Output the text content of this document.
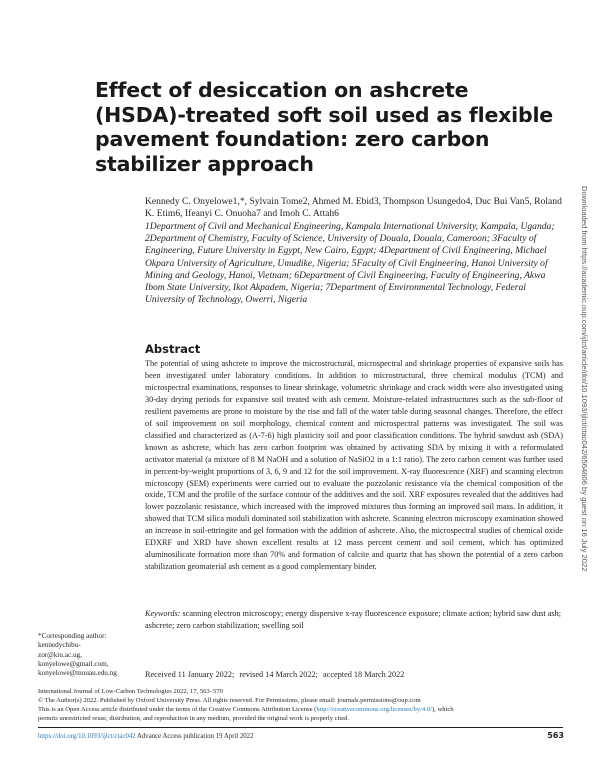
Effect of desiccation on ashcrete (HSDA)-treated soft soil used as flexible pavement foundation: zero carbon stabilizer approach
Kennedy C. Onyelowe1,*, Sylvain Tome2, Ahmed M. Ebid3, Thompson Usungedo4, Duc Bui Van5, Roland K. Etim6, Ifeanyi C. Onuoha7 and Imoh C. Attah6
1Department of Civil and Mechanical Engineering, Kampala International University, Kampala, Uganda; 2Department of Chemistry, Faculty of Science, University of Douala, Douala, Cameroon; 3Faculty of Engineering, Future University in Egypt, New Cairo, Egypt; 4Department of Civil Engineering, Michael Okpara University of Agriculture, Umudike, Nigeria; 5Faculty of Civil Engineering, Hanoi University of Mining and Geology, Hanoi, Vietnam; 6Department of Civil Engineering, Faculty of Engineering, Akwa Ibom State University, Ikot Akpadem, Nigeria; 7Department of Environmental Technology, Federal University of Technology, Owerri, Nigeria
Abstract
The potential of using ashcrete to improve the microstructural, microspectral and shrinkage properties of expansive soils has been investigated under laboratory conditions. In addition to microstructural, three chemical modulus (TCM) and microspectral examinations, responses to linear shrinkage, volumetric shrinkage and crack width were also investigated using 30-day drying periods for expansive soil treated with ash cement. Moisture-related infrastructures such as the sub-floor of resilient pavements are prone to moisture by the rise and fall of the water table during seasonal changes. Therefore, the effect of soil improvement on soil morphology, chemical content and microspectral patterns was investigated. The soil was classified and characterized as (A-7-6) high plasticity soil and poor classification conditions. The hybrid sawdust ash (SDA) known as ashcrete, which has zero carbon footprint was obtained by activating SDA by mixing it with a reformulated activator material (a mixture of 8 M NaOH and a solution of NaSiO2 in a 1:1 ratio). The zero carbon cement was further used in percent-by-weight proportions of 3, 6, 9 and 12 for the soil improvement. X-ray fluorescence (XRF) and scanning electron microscopy (SEM) experiments were carried out to evaluate the pozzolanic resistance via the chemical composition of the oxide, TCM and the profile of the surface contour of the additives and the soil. XRF exposures revealed that the additives had lower pozzolanic resistance, which increased with the improved mixtures thus forming an improved soil mass. In addition, it showed that TCM silica moduli dominated soil stabilization with ashcrete. Scanning electron microscopy examination showed an increase in soil-ettringite and gel formation with the addition of ashcrete. Also, the microspectral studies of chemical oxide EDXRF and XRD have shown excellent results at 12 mass percent cement and soil cement, which has optimized aluminosilicate formation more than 70% and formation of calcite and quartz that has shown the potential of a zero carbon stabilization geomaterial ash cement as a good complementary binder.
Keywords: scanning electron microscopy; energy dispersive x-ray fluorescence exposure; climate action; hybrid saw dust ash; ashcrete; zero carbon stabilization; swelling soil
*Corresponding author:
kennedychibu-
zor@kiu.ac.ug,
konyelowe@gmail.com,
konyelowe@mouau.edu.ng	Received 11 January 2022; revised 14 March 2022; accepted 18 March 2022
International Journal of Low-Carbon Technologies 2022, 17, 563–570
© The Author(s) 2022. Published by Oxford University Press. All rights reserved. For Permissions, please email: journals.permissions@oup.com
This is an Open Access article distributed under the terms of the Creative Commons Attribution License (http://creativecommons.org/licenses/by/4.0/), which
permits unrestricted reuse, distribution, and reproduction in any medium, provided the original work is properly cited.
https://doi.org/10.1093/ijlct/ctac042 Advance Access publication 19 April 2022	563
Downloaded from https://academic.oup.com/ijlct/article/doi/10.1093/ijlct/ctac042/6564606 by guest on 16 July 2022
